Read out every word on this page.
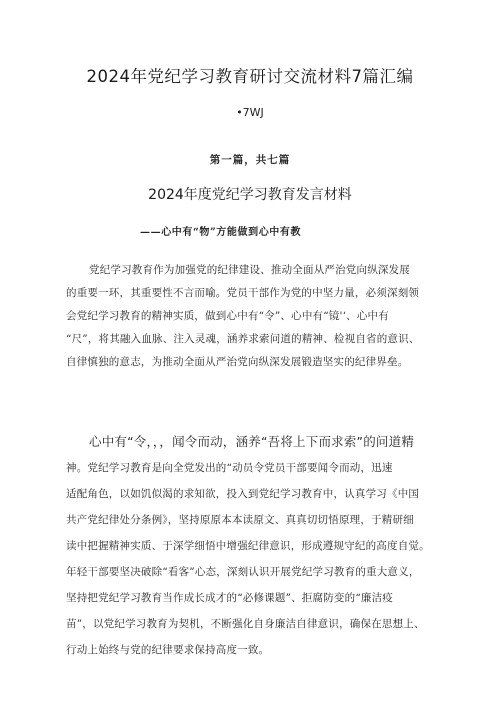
2024年党纪学习教育研讨交流材料7篇汇编
•7WJ
第一篇，共七篇
2024年度党纪学习教育发言材料
——心中有“物”方能做到心中有教
党纪学习教育作为加强党的纪律建设、推动全面从严治党向纵深发展
的重要一环，其重要性不言而喻。党员干部作为党的中坚力量，必须深刻领
会党纪学习教育的精神实质，做到心中有“令”、心中有“镜'‘、心中有
“尺”，将其融入血脉、注入灵魂，涵养求索问道的精神、检视自省的意识、
自律慎独的意志，为推动全面从严治党向纵深发展锻造坚实的纪律界垒。
心中有“令，，，闻令而动，涵养“吾将上下而求索”的问道精
神。党纪学习教育是向全党发出的“动员令党员干部要闻令而动，迅速
适配角色，以如饥似渴的求知欲，投入到党纪学习教育中，认真学习《中国
共产党纪律处分条例》，坚持原原本本读原文、真真切切悟原理，于精研细
读中把握精神实质、于深学细悟中增强纪律意识，形成遵规守纪的高度自觉。
年轻干部要坚决破除“看客”心态，深刻认识开展党纪学习教育的重大意义，
坚持把党纪学习教育当作成长成才的“必修课题”、拒腐防变的“廉洁疫
苗”，以党纪学习教育为契机，不断强化自身廉洁自律意识，确保在思想上、
行动上始终与党的纪律要求保持高度一致。
